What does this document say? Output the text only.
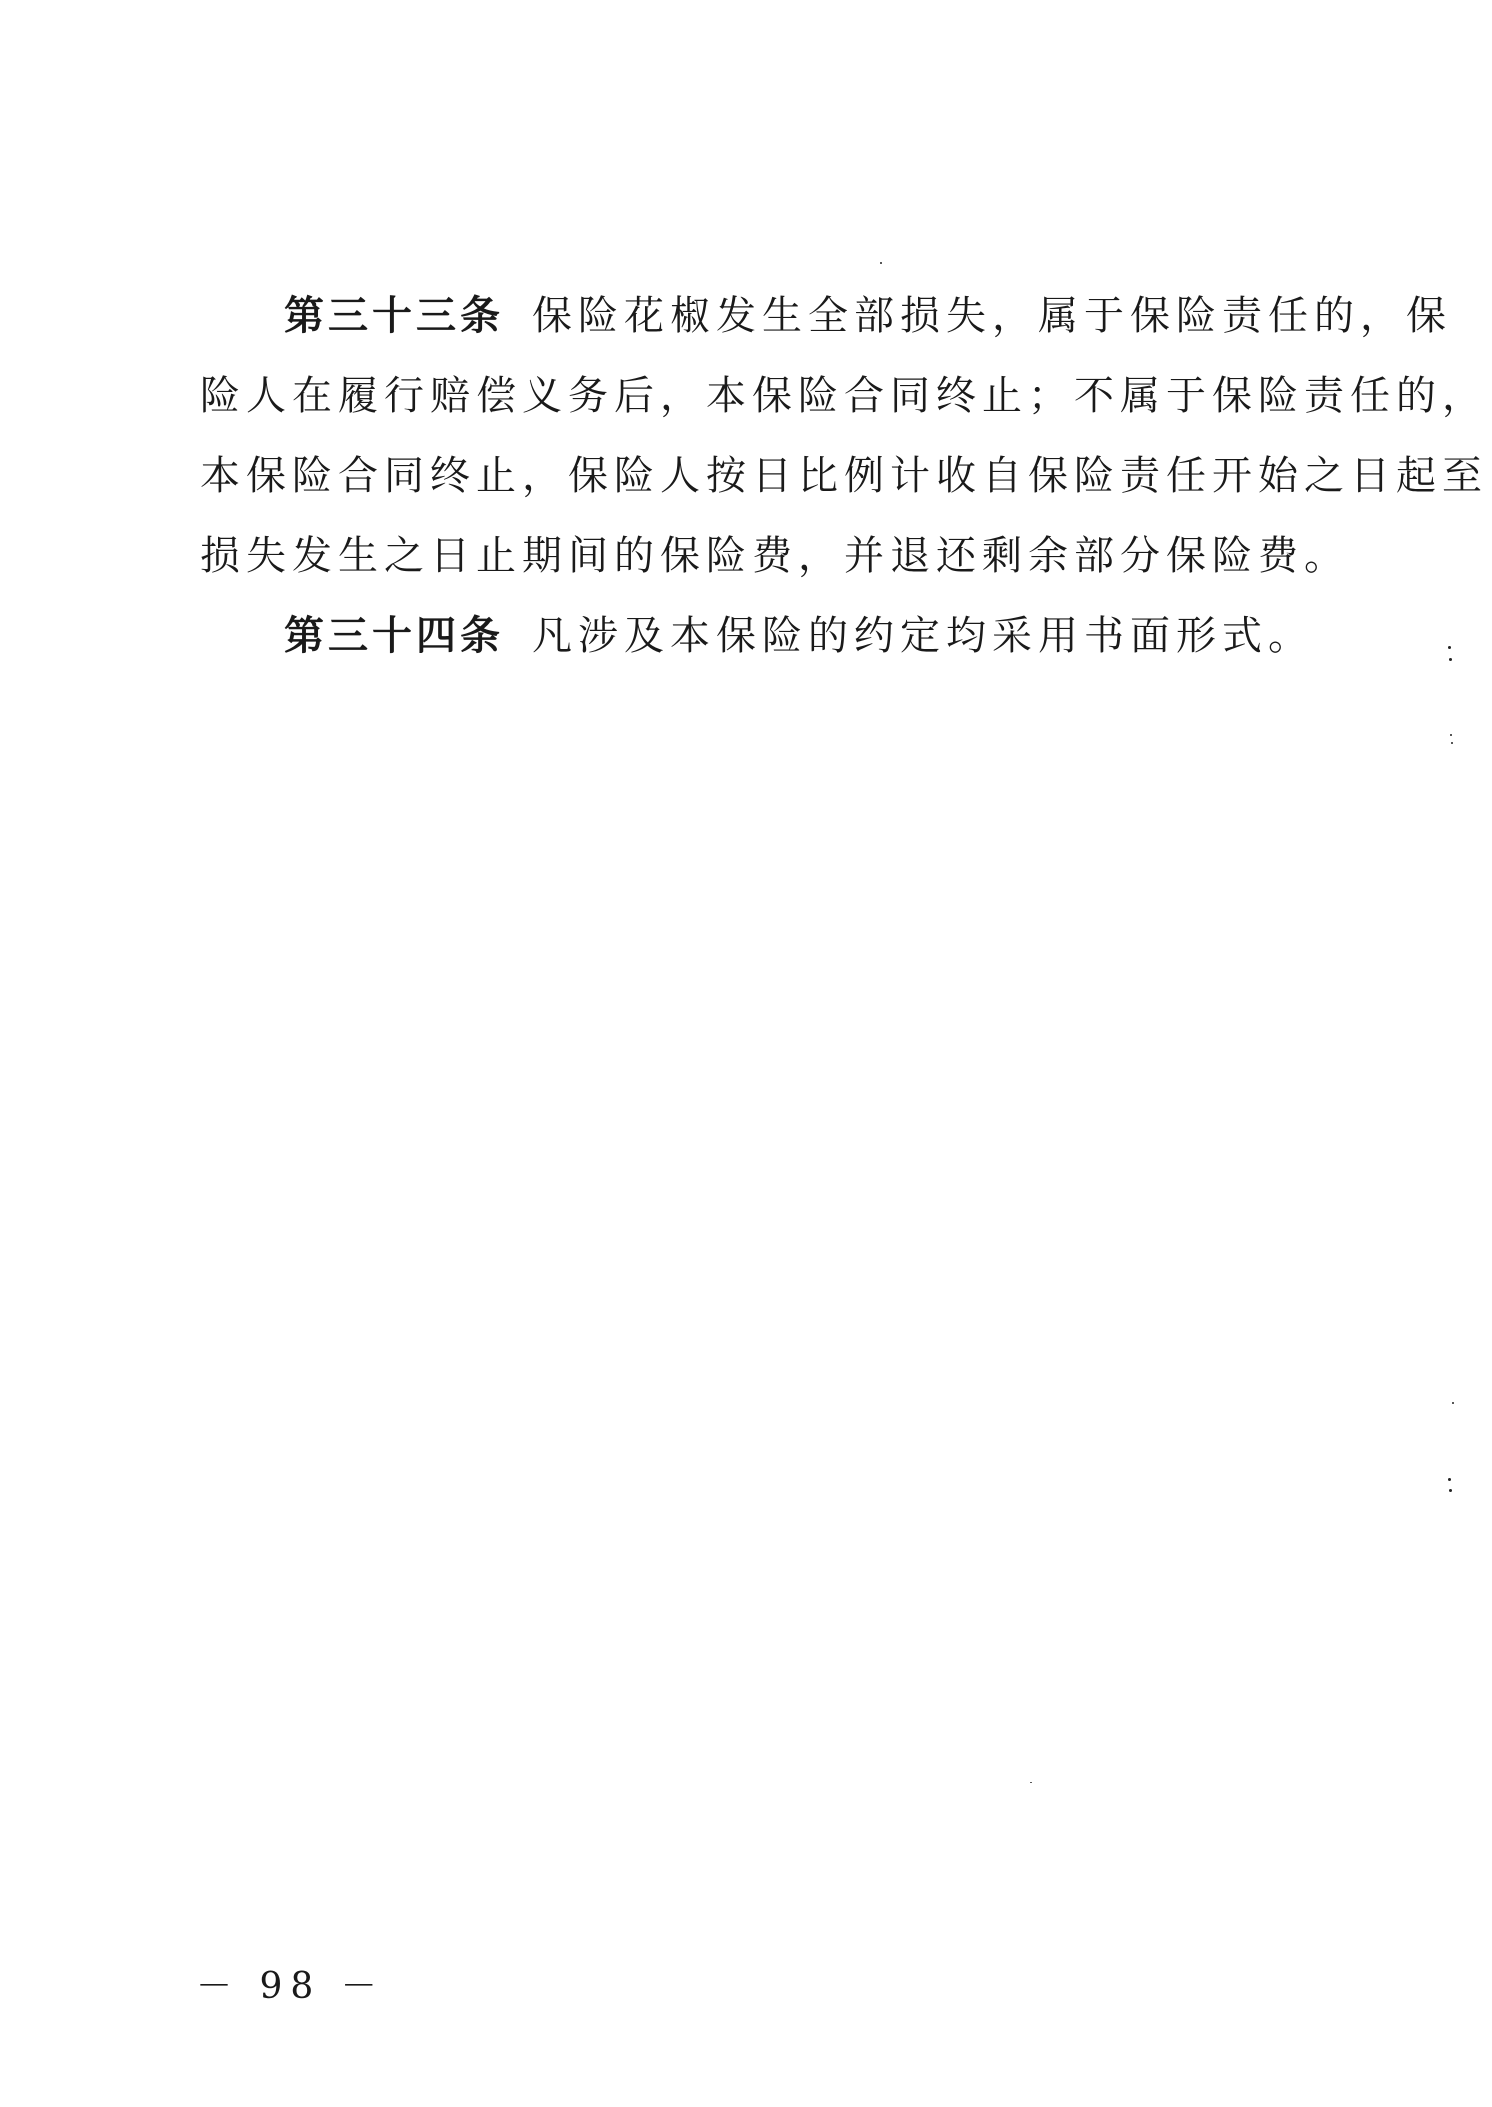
第三十三条 保险花椒发生全部损失，属于保险责任的，保
险人在履行赔偿义务后，本保险合同终止；不属于保险责任的，
本保险合同终止，保险人按日比例计收自保险责任开始之日起至
损失发生之日止期间的保险费，并退还剩余部分保险费。
第三十四条 凡涉及本保险的约定均采用书面形式。
－ 98 －
